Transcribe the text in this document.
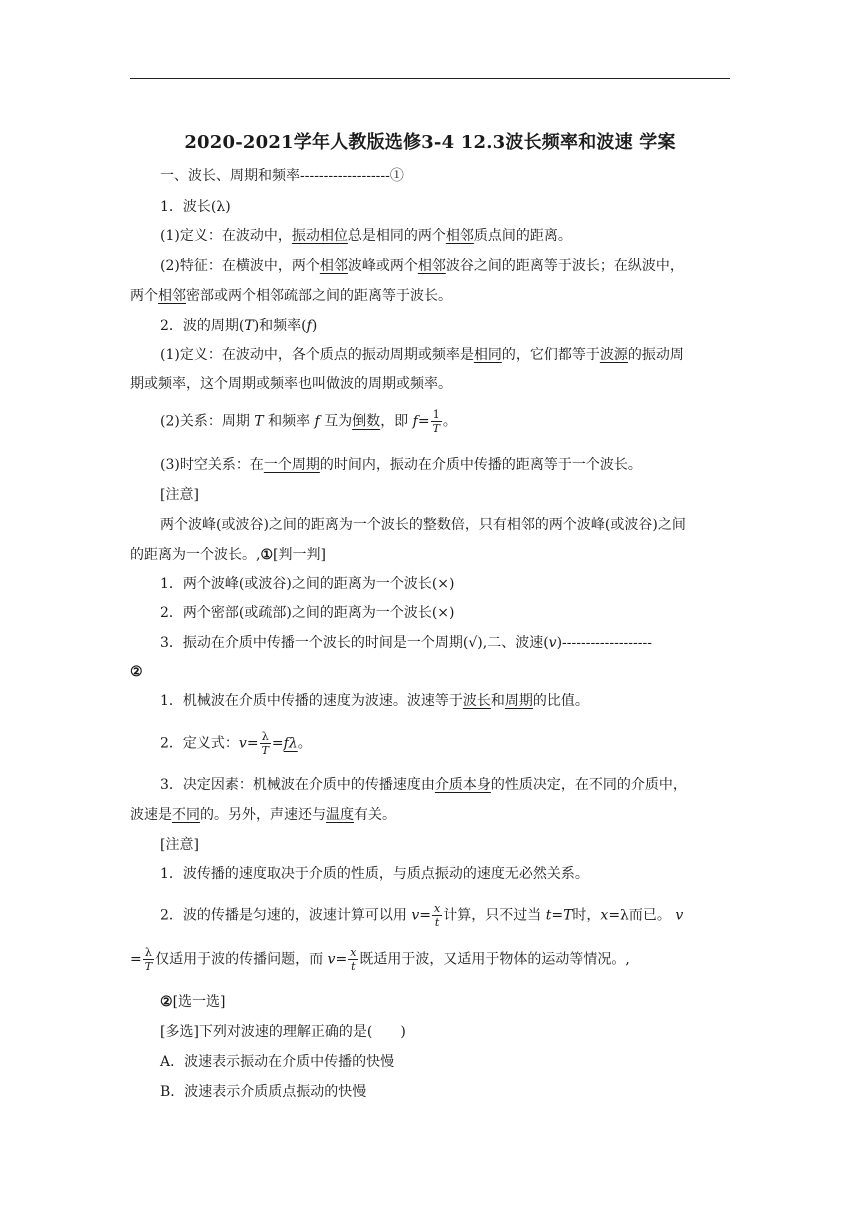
2020-2021学年人教版选修3-4 12.3波长频率和波速 学案
一、波长、周期和频率-------------------①
1．波长(λ)
(1)定义：在波动中，振动相位总是相同的两个相邻质点间的距离。
(2)特征：在横波中，两个相邻波峰或两个相邻波谷之间的距离等于波长；在纵波中，
两个相邻密部或两个相邻疏部之间的距离等于波长。
2．波的周期(T)和频率(f)
(1)定义：在波动中，各个质点的振动周期或频率是相同的，它们都等于波源的振动周
期或频率，这个周期或频率也叫做波的周期或频率。
(2)关系：周期 T 和频率 f 互为倒数，即 $f= \frac{1}{T}$ 。
(3)时空关系：在一个周期的时间内，振动在介质中传播的距离等于一个波长。
[注意]
两个波峰(或波谷)之间的距离为一个波长的整数倍，只有相邻的两个波峰(或波谷)之间
的距离为一个波长。,①[判一判]
1．两个波峰(或波谷)之间的距离为一个波长(×)
2．两个密部(或疏部)之间的距离为一个波长(×)
3．振动在介质中传播一个波长的时间是一个周期(√),二、波速(v)-------------------
②
1．机械波在介质中传播的速度为波速。波速等于波长和周期的比值。
2．定义式：$v= \frac{\lambda}{T} =f\lambda$。
3．决定因素：机械波在介质中的传播速度由介质本身的性质决定，在不同的介质中，
波速是不同的。另外，声速还与温度有关。
[注意]
1．波传播的速度取决于介质的性质，与质点振动的速度无必然关系。
2．波的传播是匀速的，波速计算可以用 $v= \frac{x}{t}$ 计算，只不过当 t=T时，x=λ而已。 v
= $\frac{\lambda}{T}$ 仅适用于波的传播问题，而 $v= \frac{x}{t}$ 既适用于波，又适用于物体的运动等情况。,
②[选一选]
[多选]下列对波速的理解正确的是(　　)
A．波速表示振动在介质中传播的快慢
B．波速表示介质质点振动的快慢
